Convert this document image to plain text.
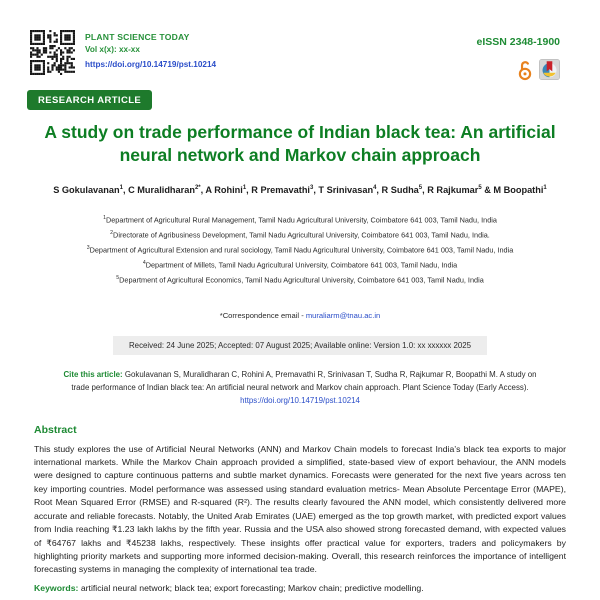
PLANT SCIENCE TODAY
Vol x(x): xx-xx
https://doi.org/10.14719/pst.10214
eISSN 2348-1900
RESEARCH ARTICLE
A study on trade performance of Indian black tea: An artificial neural network and Markov chain approach
S Gokulavanan$^1$, C Muralidharan$^{2*}$, A Rohini$^1$, R Premavathi$^3$, T Srinivasan$^4$, R Sudha$^5$, R Rajkumar$^5$ & M Boopathi$^1$
$^1$Department of Agricultural Rural Management, Tamil Nadu Agricultural University, Coimbatore 641 003, Tamil Nadu, India
$^2$Directorate of Agribusiness Development, Tamil Nadu Agricultural University, Coimbatore 641 003, Tamil Nadu, India.
$^3$Department of Agricultural Extension and rural sociology, Tamil Nadu Agricultural University, Coimbatore 641 003, Tamil Nadu, India
$^4$Department of Millets, Tamil Nadu Agricultural University, Coimbatore 641 003, Tamil Nadu, India
$^5$Department of Agricultural Economics, Tamil Nadu Agricultural University, Coimbatore 641 003, Tamil Nadu, India
*Correspondence email - muraliarm@tnau.ac.in
Received: 24 June 2025; Accepted: 07 August 2025; Available online: Version 1.0: xx xxxxxx 2025
Cite this article: Gokulavanan S, Muralidharan C, Rohini A, Premavathi R, Srinivasan T, Sudha R, Rajkumar R, Boopathi M. A study on trade performance of Indian black tea: An artificial neural network and Markov chain approach. Plant Science Today (Early Access).
https://doi.org/10.14719/pst.10214
Abstract

This study explores the use of Artificial Neural Networks (ANN) and Markov Chain models to forecast India’s black tea exports to major international markets. While the Markov Chain approach provided a simplified, state-based view of export behaviour, the ANN models were designed to capture continuous patterns and subtle market dynamics. Forecasts were generated for the next five years across ten key importing countries. Model performance was assessed using standard evaluation metrics- Mean Absolute Percentage Error (MAPE), Root Mean Squared Error (RMSE) and R-squared (R²). The results clearly favoured the ANN model, which consistently delivered more accurate and reliable forecasts. Notably, the United Arab Emirates (UAE) emerged as the top growth market, with predicted export values from India reaching ₹1.23 lakh lakhs by the fifth year. Russia and the USA also showed strong forecasted demand, with expected values of ₹64767 lakhs and ₹45238 lakhs, respectively. These insights offer practical value for exporters, traders and policymakers by highlighting priority markets and supporting more informed decision-making. Overall, this research reinforces the importance of intelligent forecasting systems in managing the complexity of international tea trade.

Keywords: artificial neural network; black tea; export forecasting; Markov chain; predictive modelling.
